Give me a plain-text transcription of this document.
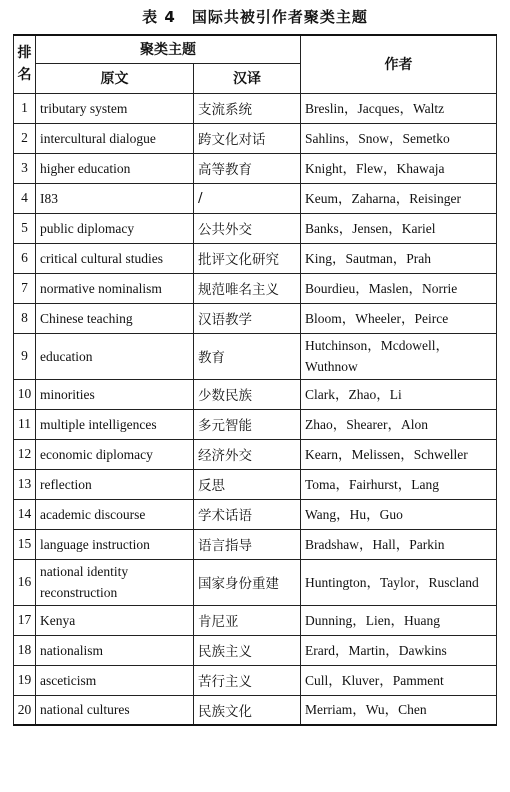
表 4　国际共被引作者聚类主题
排名	聚类主题		作者
	原文	汉译	
1	tributary system	支流系统	Breslin，Jacques，Waltz
2	intercultural dialogue	跨文化对话	Sahlins，Snow，Semetko
3	higher education	高等教育	Knight，Flew，Khawaja
4	I83	/	Keum，Zaharna，Reisinger
5	public diplomacy	公共外交	Banks，Jensen，Kariel
6	critical cultural studies	批评文化研究	King，Sautman，Prah
7	normative nominalism	规范唯名主义	Bourdieu，Maslen，Norrie
8	Chinese teaching	汉语教学	Bloom，Wheeler，Peirce
9	education	教育	Hutchinson，Mcdowell，Wuthnow
10	minorities	少数民族	Clark，Zhao，Li
11	multiple intelligences	多元智能	Zhao，Shearer，Alon
12	economic diplomacy	经济外交	Kearn，Melissen，Schweller
13	reflection	反思	Toma，Fairhurst，Lang
14	academic discourse	学术话语	Wang，Hu，Guo
15	language instruction	语言指导	Bradshaw，Hall，Parkin
16	national identity reconstruction	国家身份重建	Huntington，Taylor，Ruscland
17	Kenya	肯尼亚	Dunning，Lien，Huang
18	nationalism	民族主义	Erard，Martin，Dawkins
19	asceticism	苦行主义	Cull，Kluver，Pamment
20	national cultures	民族文化	Merriam，Wu，Chen
